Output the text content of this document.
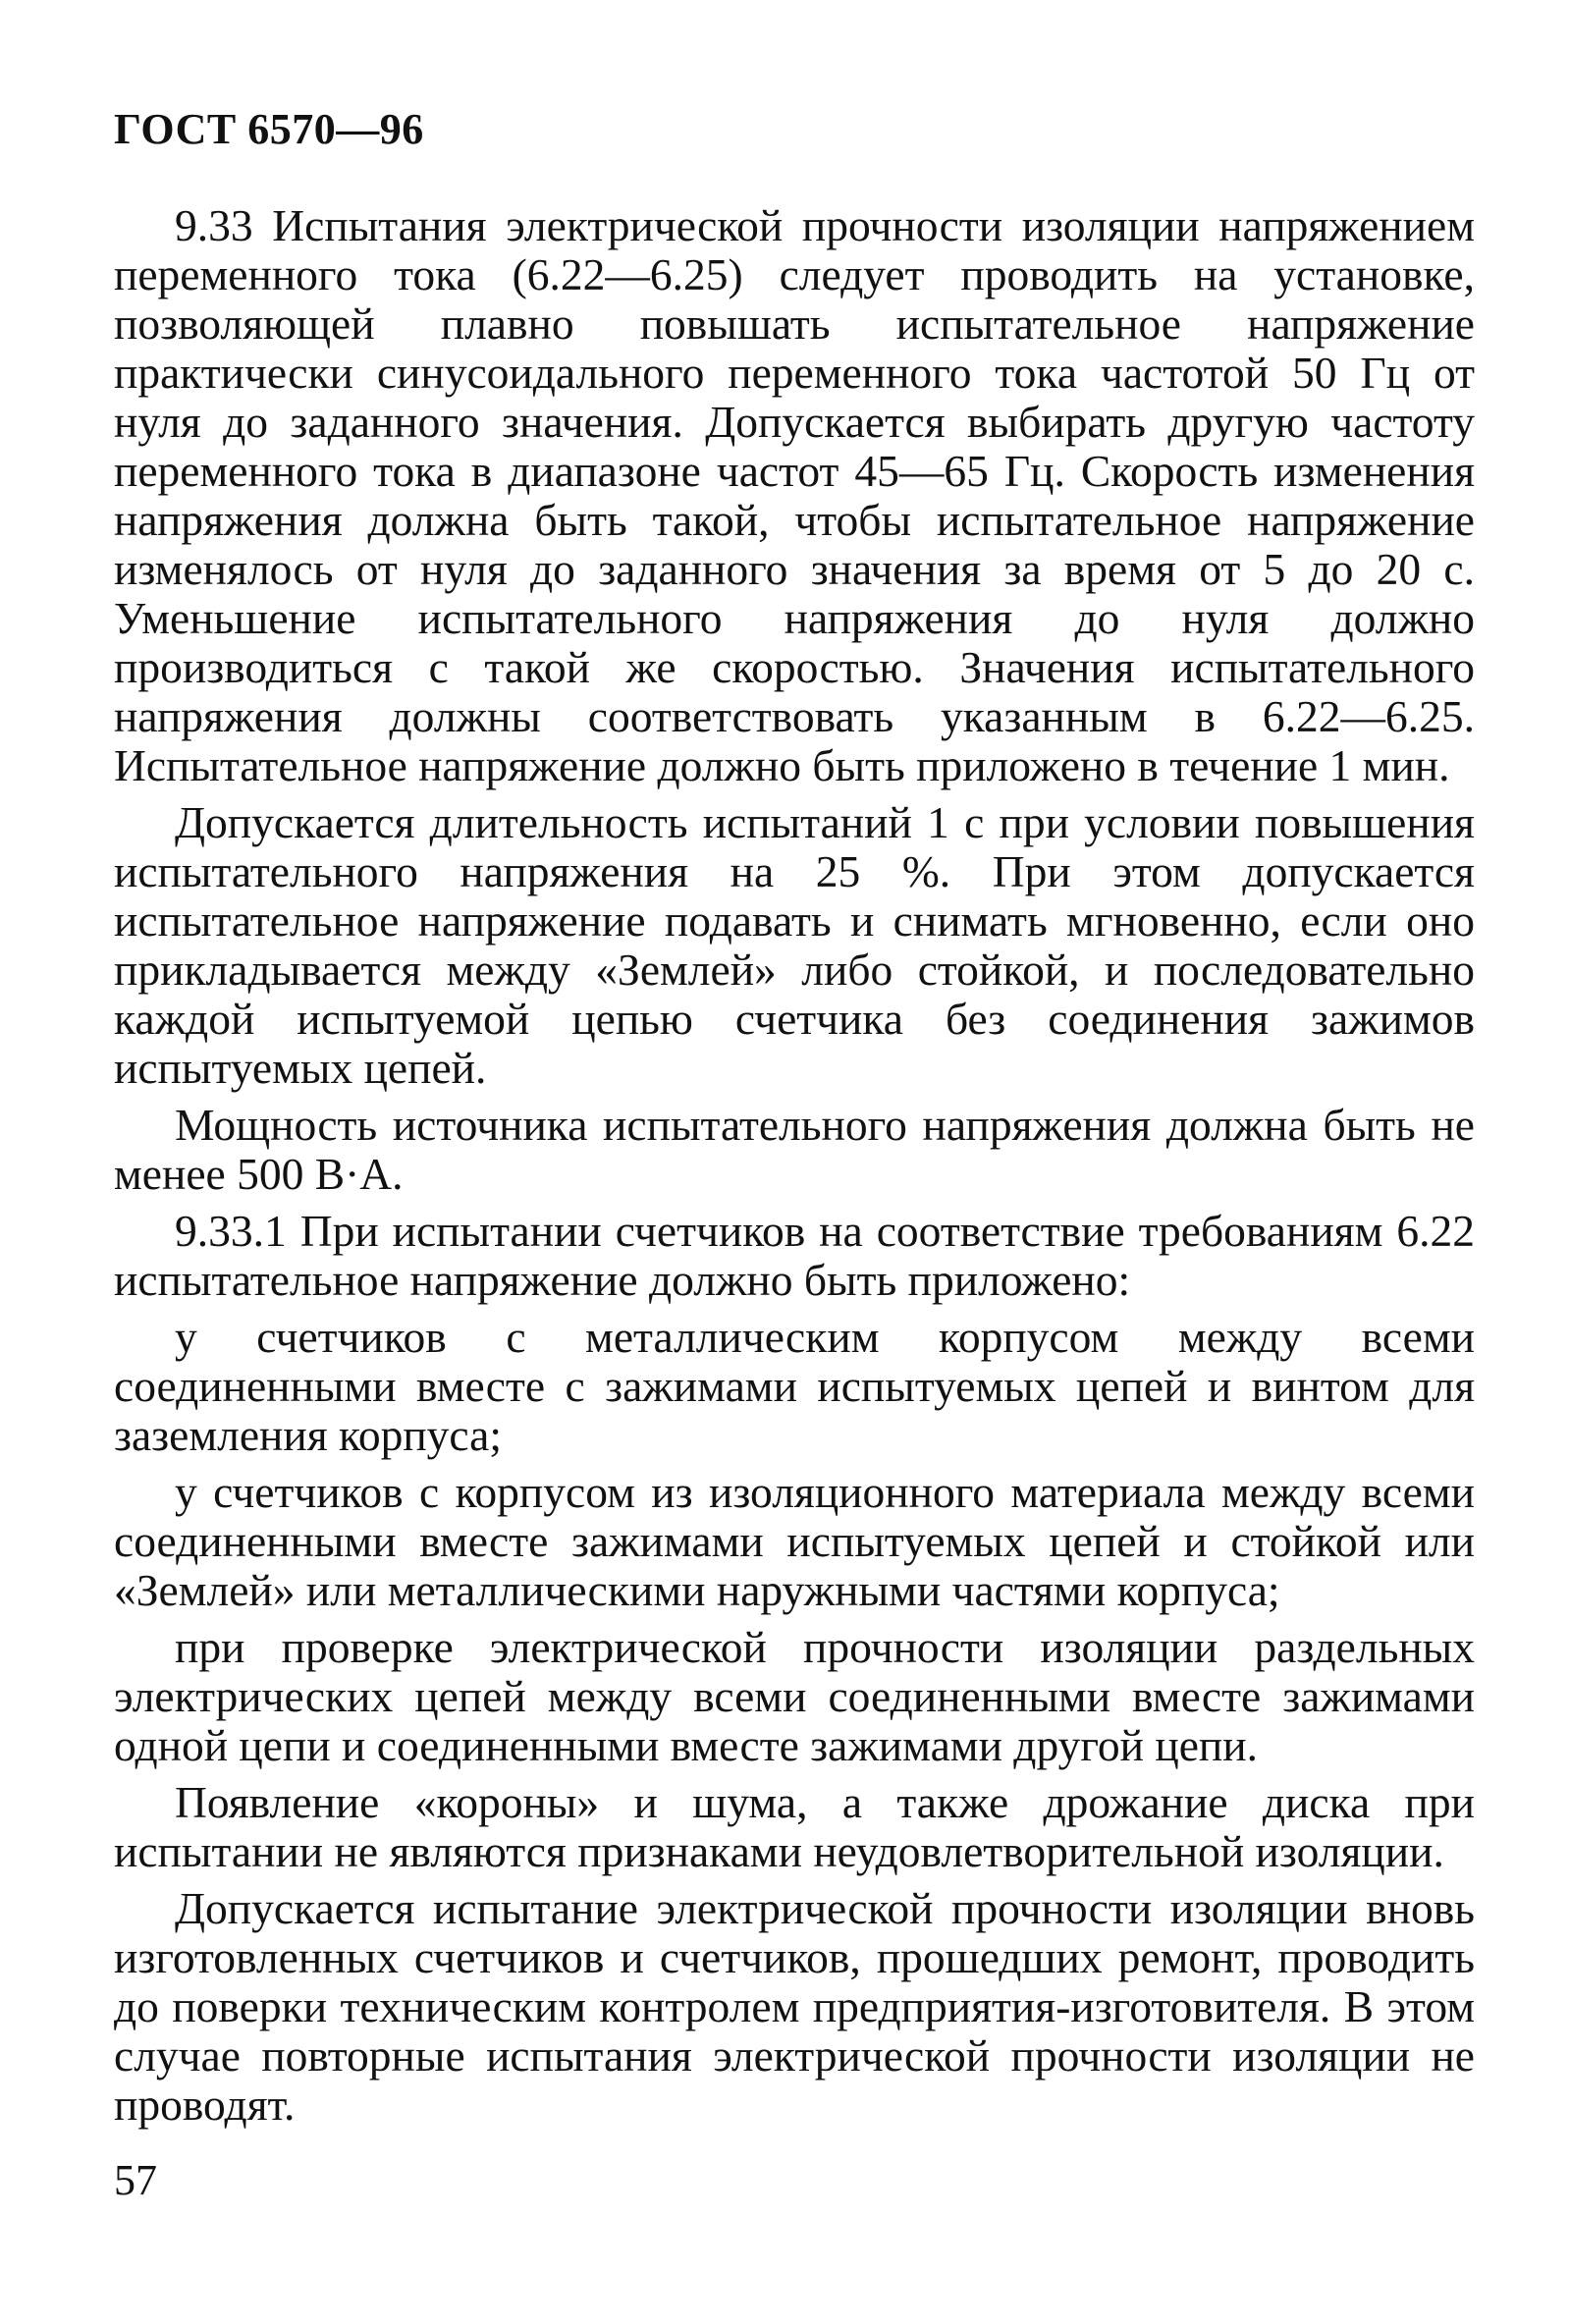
ГОСТ 6570—96

9.33 Испытания электрической прочности изоляции напряжением переменного тока (6.22—6.25) следует проводить на установке, позволяющей плавно повышать испытательное напряжение практически синусоидального переменного тока частотой 50 Гц от нуля до заданного значения. Допускается выбирать другую частоту переменного тока в диапазоне частот 45—65 Гц. Скорость изменения напряжения должна быть такой, чтобы испытательное напряжение изменялось от нуля до заданного значения за время от 5 до 20 с. Уменьшение испытательного напряжения до нуля должно производиться с такой же скоростью. Значения испытательного напряжения должны соответствовать указанным в 6.22—6.25. Испытательное напряжение должно быть приложено в течение 1 мин.

Допускается длительность испытаний 1 с при условии повышения испытательного напряжения на 25 %. При этом допускается испытательное напряжение подавать и снимать мгновенно, если оно прикладывается между «Землей» либо стойкой, и последовательно каждой испытуемой цепью счетчика без соединения зажимов испытуемых цепей.

Мощность источника испытательного напряжения должна быть не менее 500 В·А.

9.33.1 При испытании счетчиков на соответствие требованиям 6.22 испытательное напряжение должно быть приложено:

у счетчиков с металлическим корпусом между всеми соединенными вместе с зажимами испытуемых цепей и винтом для заземления корпуса;

у счетчиков с корпусом из изоляционного материала между всеми соединенными вместе зажимами испытуемых цепей и стойкой или «Землей» или металлическими наружными частями корпуса;

при проверке электрической прочности изоляции раздельных электрических цепей между всеми соединенными вместе зажимами одной цепи и соединенными вместе зажимами другой цепи.

Появление «короны» и шума, а также дрожание диска при испытании не являются признаками неудовлетворительной изоляции.

Допускается испытание электрической прочности изоляции вновь изготовленных счетчиков и счетчиков, прошедших ремонт, проводить до поверки техническим контролем предприятия-изготовителя. В этом случае повторные испытания электрической прочности изоляции не проводят.

57
